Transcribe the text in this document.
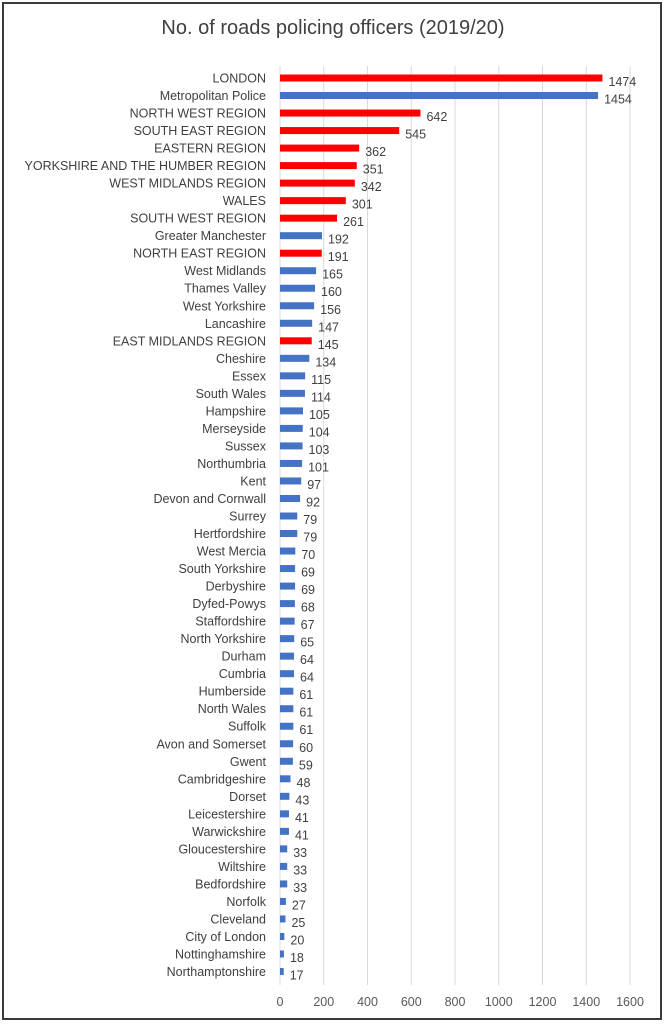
No. of roads policing officers (2019/20)
LONDON
Metropolitan Police
NORTH WEST REGION
SOUTH EAST REGION
EASTERN REGION
YORKSHIRE AND THE HUMBER REGION
WEST MIDLANDS REGION
WALES
SOUTH WEST REGION
Greater Manchester
NORTH EAST REGION
West Midlands
Thames Valley
West Yorkshire
Lancashire
EAST MIDLANDS REGION
Cheshire
Essex
South Wales
Hampshire
Merseyside
Sussex
Northumbria
Kent
Devon and Cornwall
Surrey
Hertfordshire
West Mercia
South Yorkshire
Derbyshire
Dyfed-Powys
Staffordshire
North Yorkshire
Durham
Cumbria
Humberside
North Wales
Suffolk
Avon and Somerset
Gwent
Cambridgeshire
Dorset
Leicestershire
Warwickshire
Gloucestershire
Wiltshire
Bedfordshire
Norfolk
Cleveland
City of London
Nottinghamshire
Northamptonshire
1474
1454
642
545
362
351
342
301
261
192
191
165
160
156
147
145
134
115
114
105
104
103
101
97
92
79
79
70
69
69
68
67
65
64
64
61
61
61
60
59
48
43
41
41
33
33
33
27
25
20
18
17
0 200 400 600 800 1000 1200 1400 1600
